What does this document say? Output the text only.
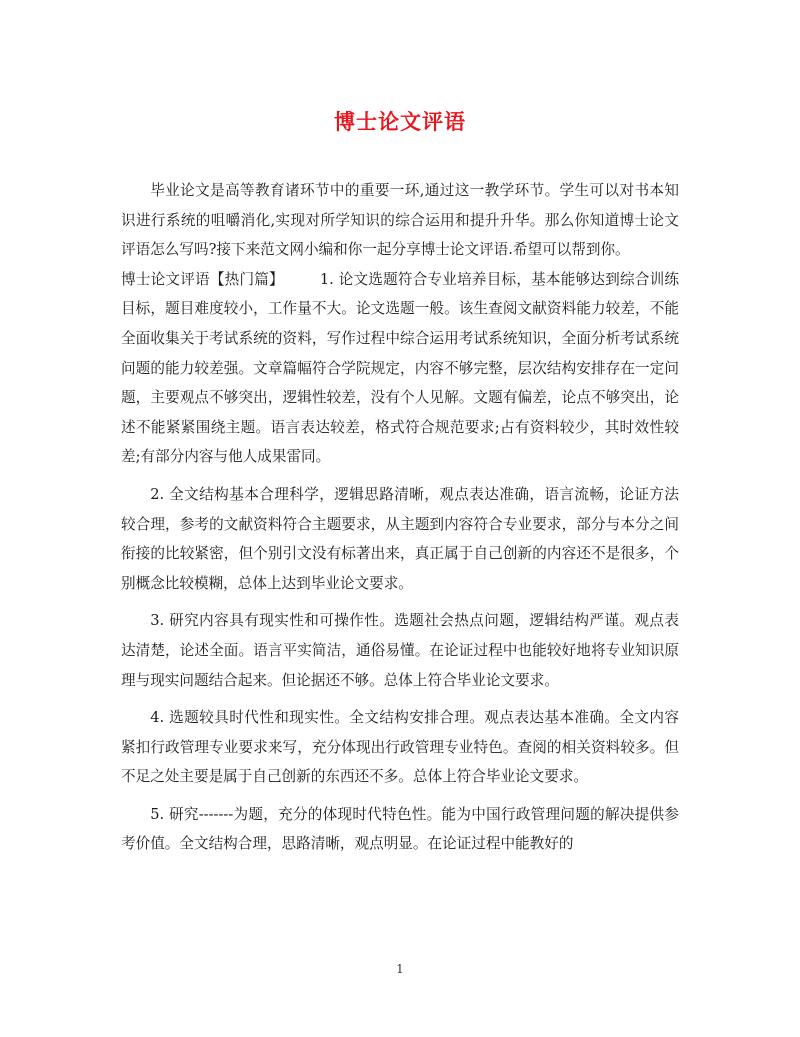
博士论文评语

毕业论文是高等教育诸环节中的重要一环,通过这一教学环节。学生可以对书本知识进行系统的咀嚼消化,实现对所学知识的综合运用和提升升华。那么你知道博士论文评语怎么写吗?接下来范文网小编和你一起分享博士论文评语.希望可以帮到你。

博士论文评语【热门篇】 1. 论文选题符合专业培养目标，基本能够达到综合训练目标，题目难度较小，工作量不大。论文选题一般。该生查阅文献资料能力较差，不能全面收集关于考试系统的资料，写作过程中综合运用考试系统知识，全面分析考试系统问题的能力较差强。文章篇幅符合学院规定，内容不够完整，层次结构安排存在一定问题，主要观点不够突出，逻辑性较差，没有个人见解。文题有偏差，论点不够突出，论述不能紧紧围绕主题。语言表达较差，格式符合规范要求;占有资料较少，其时效性较差;有部分内容与他人成果雷同。

2. 全文结构基本合理科学，逻辑思路清晰，观点表达准确，语言流畅，论证方法较合理，参考的文献资料符合主题要求，从主题到内容符合专业要求，部分与本分之间衔接的比较紧密，但个别引文没有标著出来，真正属于自己创新的内容还不是很多，个别概念比较模糊，总体上达到毕业论文要求。

3. 研究内容具有现实性和可操作性。选题社会热点问题，逻辑结构严谨。观点表达清楚，论述全面。语言平实简洁，通俗易懂。在论证过程中也能较好地将专业知识原理与现实问题结合起来。但论据还不够。总体上符合毕业论文要求。

4. 选题较具时代性和现实性。全文结构安排合理。观点表达基本准确。全文内容紧扣行政管理专业要求来写，充分体现出行政管理专业特色。查阅的相关资料较多。但不足之处主要是属于自己创新的东西还不多。总体上符合毕业论文要求。

5. 研究-------为题，充分的体现时代特色性。能为中国行政管理问题的解决提供参考价值。全文结构合理，思路清晰，观点明显。在论证过程中能教好的

1
